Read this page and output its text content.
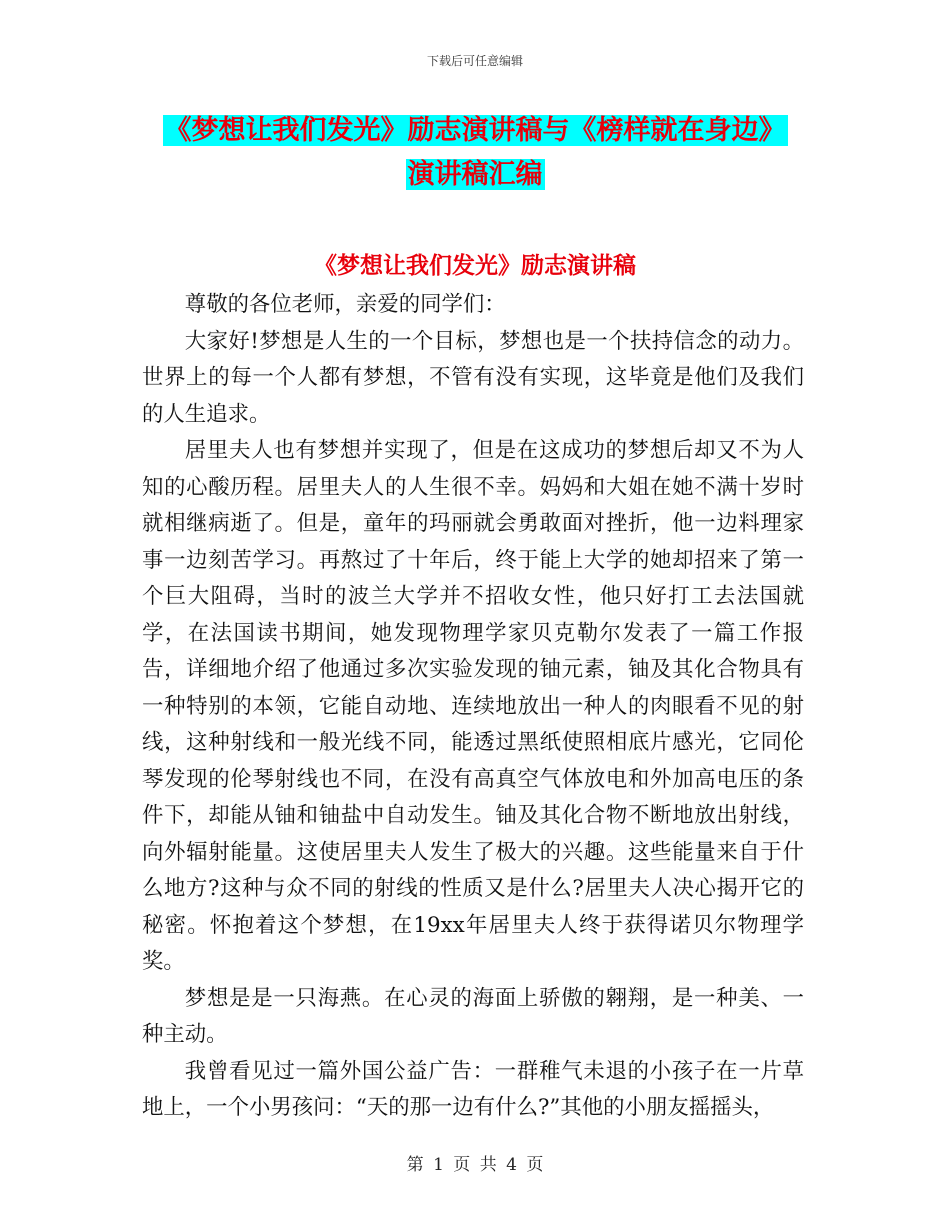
下载后可任意编辑
《梦想让我们发光》励志演讲稿与《榜样就在身边》
演讲稿汇编
《梦想让我们发光》励志演讲稿

尊敬的各位老师，亲爱的同学们：

大家好!梦想是人生的一个目标，梦想也是一个扶持信念的动力。世界上的每一个人都有梦想，不管有没有实现，这毕竟是他们及我们的人生追求。

居里夫人也有梦想并实现了，但是在这成功的梦想后却又不为人知的心酸历程。居里夫人的人生很不幸。妈妈和大姐在她不满十岁时就相继病逝了。但是，童年的玛丽就会勇敢面对挫折，他一边料理家事一边刻苦学习。再熬过了十年后，终于能上大学的她却招来了第一个巨大阻碍，当时的波兰大学并不招收女性，他只好打工去法国就学，在法国读书期间，她发现物理学家贝克勒尔发表了一篇工作报告，详细地介绍了他通过多次实验发现的铀元素，铀及其化合物具有一种特别的本领，它能自动地、连续地放出一种人的肉眼看不见的射线，这种射线和一般光线不同，能透过黑纸使照相底片感光，它同伦琴发现的伦琴射线也不同，在没有高真空气体放电和外加高电压的条件下，却能从铀和铀盐中自动发生。铀及其化合物不断地放出射线，向外辐射能量。这使居里夫人发生了极大的兴趣。这些能量来自于什么地方?这种与众不同的射线的性质又是什么?居里夫人决心揭开它的秘密。怀抱着这个梦想，在19xx年居里夫人终于获得诺贝尔物理学奖。

梦想是是一只海燕。在心灵的海面上骄傲的翱翔，是一种美、一种主动。

我曾看见过一篇外国公益广告：一群稚气未退的小孩子在一片草地上，一个小男孩问：“天的那一边有什么?”其他的小朋友摇摇头，

第 1 页 共 4 页
